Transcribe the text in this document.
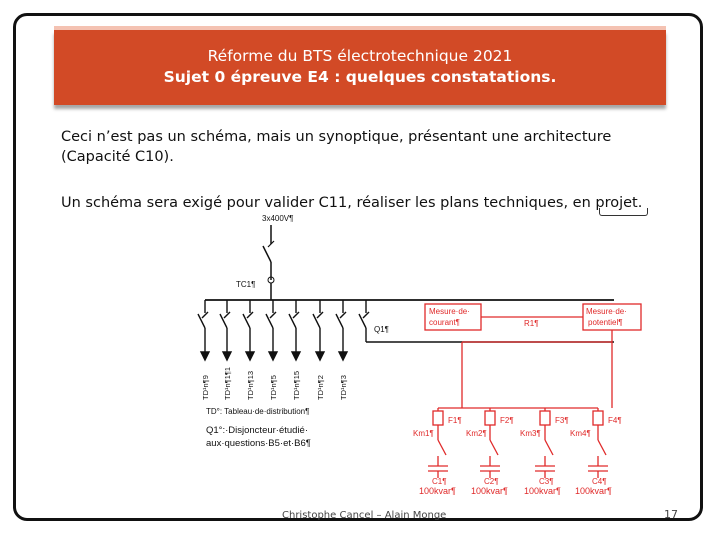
Réforme du BTS électrotechnique 2021
Sujet 0 épreuve E4 : quelques constatations.
Ceci n’est pas un schéma, mais un synoptique, présentant une architecture
(Capacité C10).
Un schéma sera exigé pour valider C11, réaliser les plans techniques, en projet.
3x400V¶
TC1¶
Q1¶
TD¹n¶9 TD¹n¶1¶1 TD¹n¶13 TD¹n¶5 TD¹n¶15 TD¹n¶2 TD¹n¶3
TD°: Tableau·de·distribution¶
Q1°:·Disjoncteur·étudié·
aux·questions·B5·et·B6¶
Mesure·de·
courant¶	R1¶
Mesure·de·
potentiel¶
F1¶	F2¶	F3¶	F4¶
Km1¶	Km2¶	Km3¶	Km4¶
C1¶	C2¶	C3¶	C4¶
100kvar¶ 100kvar¶ 100kvar¶ 100kvar¶
Christophe Cancel – Alain Monge	17
